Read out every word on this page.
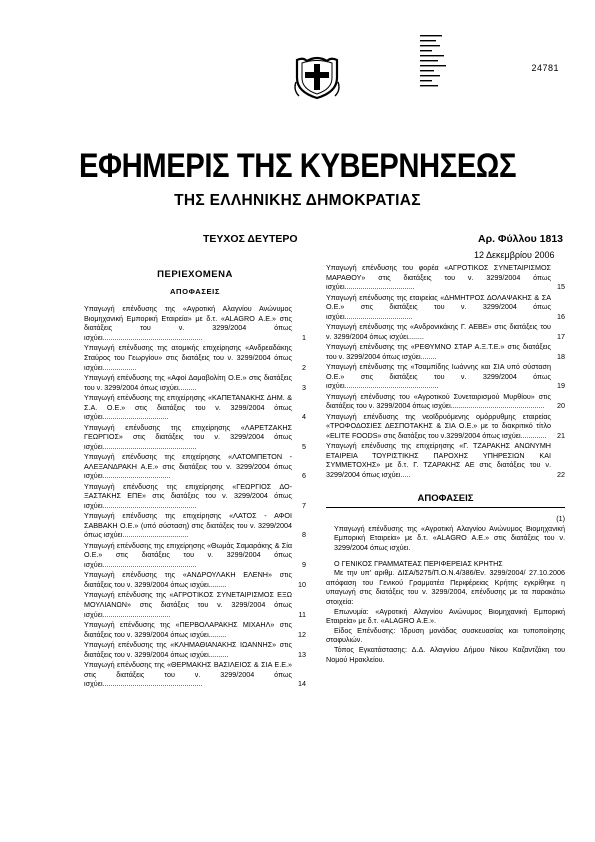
24781
ΕΦΗΜΕΡΙΣ ΤΗΣ ΚΥΒΕΡΝΗΣΕΩΣ
ΤΗΣ ΕΛΛΗΝΙΚΗΣ ΔΗΜΟΚΡΑΤΙΑΣ
ΤΕΥΧΟΣ ΔΕΥΤΕΡΟ	Αρ. Φύλλου 1813
12 Δεκεμβρίου 2006
ΠΕΡΙΕΧΟΜΕΝΑ
ΑΠΟΦΑΣΕΙΣ
Υπαγωγή επένδυσης της «Αγροτική Αλαγνίου Ανώνυμος Βιομηχανική Εμπορική Εταιρεία» με δ.τ. «ALAGRO Α.Ε.» στις διατάξεις του ν. 3299/2004 όπως ισχύει..................................................	1
Υπαγωγή επένδυσης της ατομικής επιχείρησης «Ανδρεαδάκης Σταύρος του Γεωργίου» στις διατάξεις του ν. 3299/2004 όπως ισχύει.................	2
Υπαγωγή επένδυσης της «Αφοί Δαμαβολίτη Ο.Ε.» στις διατάξεις του ν. 3299/2004 όπως ισχύει.........	3
Υπαγωγή επένδυσης της επιχείρησης «ΚΑΠΕΤΑΝΑΚΗΣ ΔΗΜ. & Σ.Α. Ο.Ε.» στις διατάξεις του ν. 3299/2004 όπως ισχύει.................................	4
Υπαγωγή επένδυσης της επιχείρησης «ΛΑΡΕΤΖΑΚΗΣ ΓΕΩΡΓΙΟΣ» στις διατάξεις του ν. 3299/2004 όπως ισχύει...............................................	5
Υπαγωγή επένδυσης της επιχείρησης «ΛΑΤΟΜΠΕΤΟΝ - ΑΛΕΞΑΝΔΡΑΚΗ Α.Ε.» στις διατάξεις του ν. 3299/2004 όπως ισχύει..................................	6
Υπαγωγή επένδυσης της επιχείρησης «ΓΕΩΡΓΙΟΣ ΔΟΞΑΣΤΑΚΗΣ ΕΠΕ» στις διατάξεις του ν. 3299/2004 όπως ισχύει...............................................	7
Υπαγωγή επένδυσης της επιχείρησης «ΛΑΤΟΣ - ΑΦΟΙ ΣΑΒΒΑΚΗ Ο.Ε.» (υπό σύσταση) στις διατάξεις του ν. 3299/2004 όπως ισχύει.................................	8
Υπαγωγή επένδυσης της επιχείρησης «Θωμάς Σαμαράκης & Σία Ο.Ε.» στις διατάξεις του ν. 3299/2004 όπως ισχύει...............................................	9
Υπαγωγή επένδυσης της «ΑΝΔΡΟΥΛΑΚΗ ΕΛΕΝΗ» στις διατάξεις του ν. 3299/2004 όπως ισχύει.........	10
Υπαγωγή επένδυσης της «ΑΓΡΟΤΙΚΟΣ ΣΥΝΕΤΑΙΡΙΣΜΟΣ ΕΞΩ ΜΟΥΛΙΑΝΩΝ» στις διατάξεις του ν. 3299/2004 όπως ισχύει..................................	11
Υπαγωγή επένδυσης της «ΠΕΡΒΟΛΑΡΑΚΗΣ ΜΙΧΑΗΛ» στις διατάξεις του ν. 3299/2004 όπως ισχύει.........	12
Υπαγωγή επένδυσης της «ΚΛΗΜΑΘΙΑΝΑΚΗΣ ΙΩΑΝΝΗΣ» στις διατάξεις του ν. 3299/2004 όπως ισχύει..........	13
Υπαγωγή επένδυσης της «ΘΕΡΜΑΚΗΣ ΒΑΣΙΛΕΙΟΣ & ΣΙΑ Ε.Ε.» στις διατάξεις του ν. 3299/2004 όπως ισχύει..................................................	14
Υπαγωγή επένδυσης του φορέα «ΑΓΡΟΤΙΚΟΣ ΣΥΝΕΤΑΙΡΙΣΜΟΣ ΜΑΡΑΘΟΥ» στις διατάξεις του ν. 3299/2004 όπως ισχύει...................................	15
Υπαγωγή επένδυσης της εταιρείας «ΔΗΜΗΤΡΟΣ ΔΟΛΑΨΑΚΗΣ & ΣΑ Ο.Ε.» στις διατάξεις του ν. 3299/2004 όπως ισχύει..................................	16
Υπαγωγή επένδυσης της «Ανδρονικάκης Γ. ΑΕΒΕ» στις διατάξεις του ν. 3299/2004 όπως ισχύει........	17
Υπαγωγή επένδυσης της «ΡΕΘΥΜΝΟ ΣΤΑΡ Α.Ξ.Τ.Ε.» στις διατάξεις του ν. 3299/2004 όπως ισχύει........	18
Υπαγωγή επένδυσης της «Τσαμπίδης Ιωάννης και ΣΙΑ υπό σύσταση Ο.Ε.» στις διατάξεις του ν. 3299/2004 όπως ισχύει...............................................	19
Υπαγωγή επένδυσης του «Αγροτικού Συνεταιρισμού Μυρθίου» στις διατάξεις του ν. 3299/2004 όπως ισχύει............................................... 20
Υπαγωγή επένδυσης της νεοϊδρυόμενης ομόρρυθμης εταιρείας «ΤΡΟΦΟΔΟΣΙΕΣ ΔΕΣΠΟΤΑΚΗΣ & ΣΙΑ Ο.Ε.» με το διακριτικό τίτλο «ELITE FOODS» στις διατάξεις του ν.3299/2004 όπως ισχύει............. 21
Υπαγωγή επένδυσης της επιχείρησης «Γ. ΤΖΑΡΑΚΗΣ ΑΝΩΝΥΜΗ ΕΤΑΙΡΕΙΑ ΤΟΥΡΙΣΤΙΚΗΣ ΠΑΡΟΧΗΣ ΥΠΗΡΕΣΙΩΝ ΚΑΙ ΣΥΜΜΕΤΟΧΗΣ» με δ.τ. Γ. ΤΖΑΡΑΚΗΣ ΑΕ στις διατάξεις του ν. 3299/2004 όπως ισχύει.....	22
ΑΠΟΦΑΣΕΙΣ
(1)
Υπαγωγή επένδυσης της «Αγροτική Αλαγνίου Ανώνυμος Βιομηχανική Εμπορική Εταιρεία» με δ.τ. «ALAGRO Α.Ε.» στις διατάξεις του ν. 3299/2004 όπως ισχύει.
Ο ΓΕΝΙΚΟΣ ΓΡΑΜΜΑΤΕΑΣ ΠΕΡΙΦΕΡΕΙΑΣ ΚΡΗΤΗΣ
Με την υπ' αριθμ. ΔΙΣΑ/5275/Π.Ο.Ν.4/386/Εν. 3299/2004/ 27.10.2006 απόφαση του Γενικού Γραμματέα Περιφέρειας Κρήτης εγκρίθηκε η υπαγωγή στις διατάξεις του ν. 3299/2004, επένδυσης με τα παρακάτω στοιχεία:
Επωνυμία: «Αγροτική Αλαγνίου Ανώνυμος Βιομηχανική Εμπορική Εταιρεία» με δ.τ. «ALAGRO Α.Ε.».
Είδος Επένδυσης: Ίδρυση μονάδας συσκευασίας και τυποποίησης σταφυλιών.
Τόπος Εγκατάστασης: Δ.Δ. Αλαγνίου Δήμου Νίκου Καζαντζάκη του Νομού Ηρακλείου.
